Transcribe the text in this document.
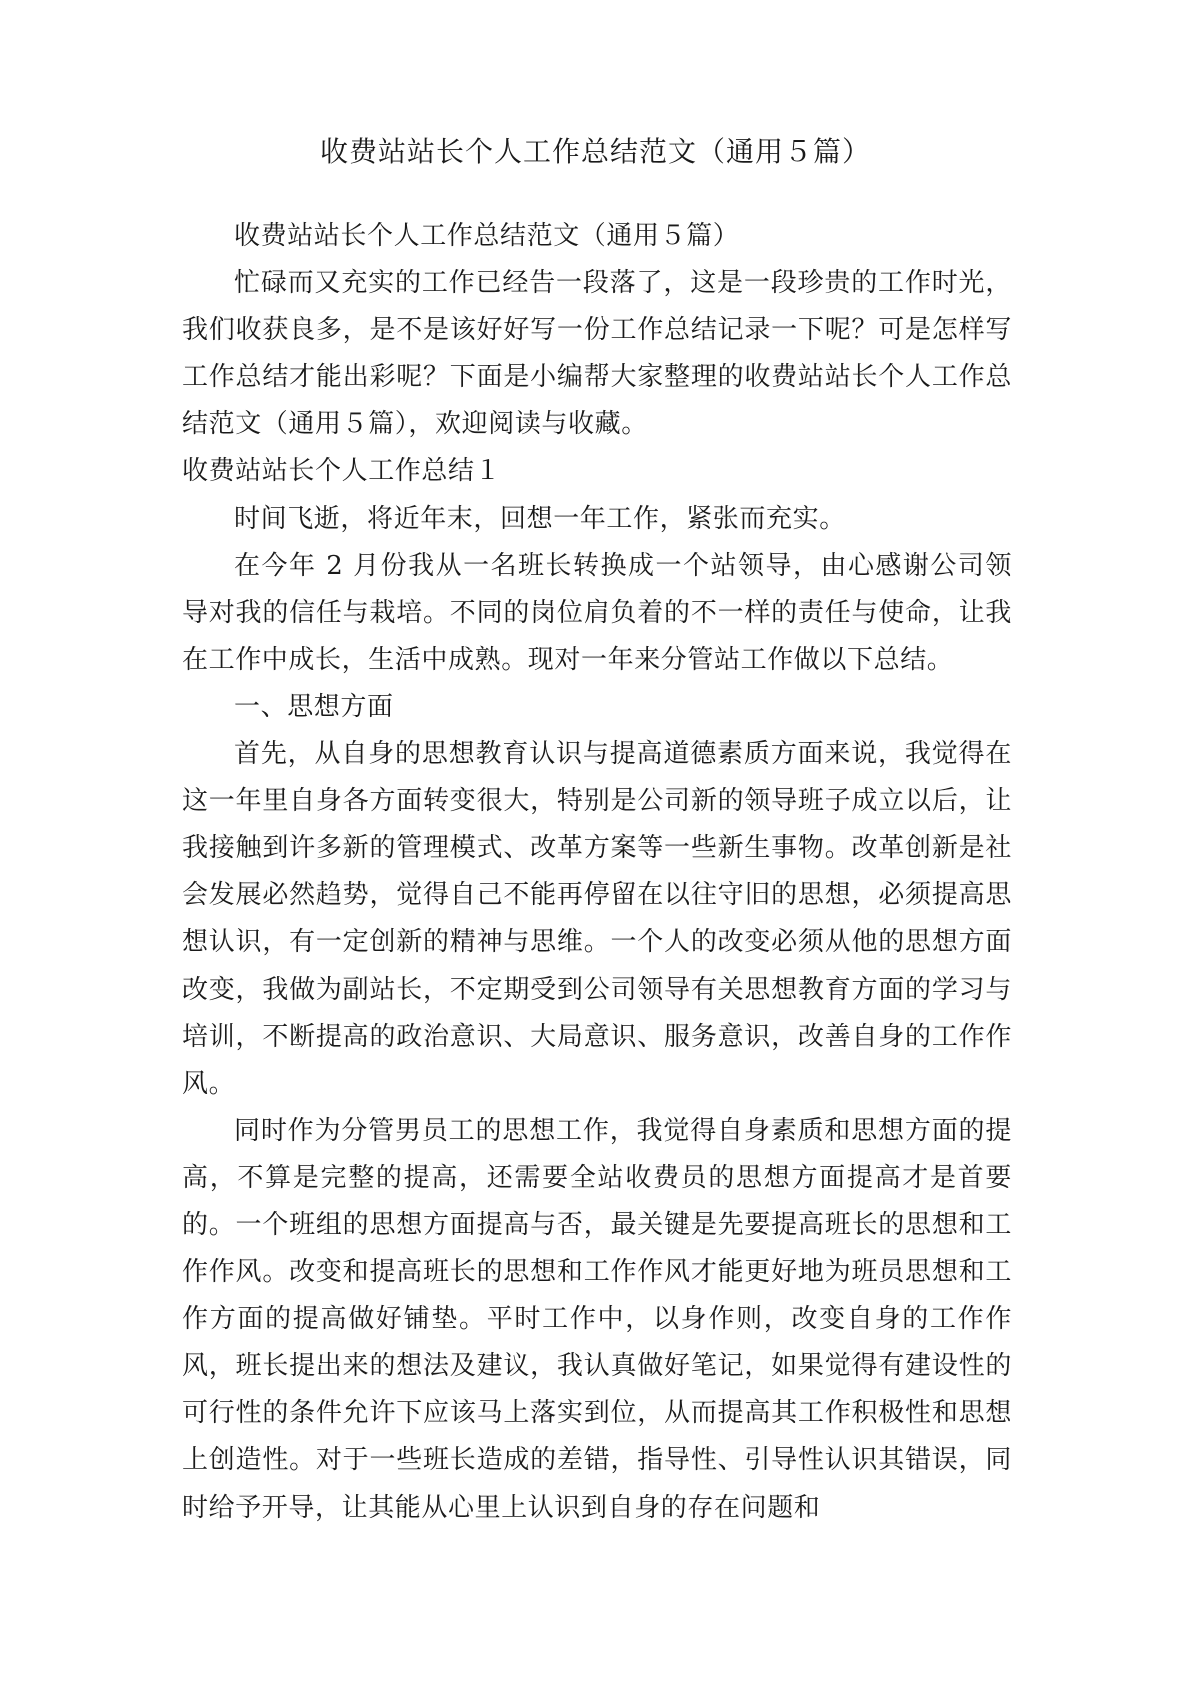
收费站站长个人工作总结范文（通用５篇）

收费站站长个人工作总结范文（通用５篇）

忙碌而又充实的工作已经告一段落了，这是一段珍贵的工作时光，我们收获良多，是不是该好好写一份工作总结记录一下呢？可是怎样写工作总结才能出彩呢？下面是小编帮大家整理的收费站站长个人工作总结范文（通用５篇），欢迎阅读与收藏。

收费站站长个人工作总结１

时间飞逝，将近年末，回想一年工作，紧张而充实。

在今年 2 月份我从一名班长转换成一个站领导，由心感谢公司领导对我的信任与栽培。不同的岗位肩负着的不一样的责任与使命，让我在工作中成长，生活中成熟。现对一年来分管站工作做以下总结。

一、思想方面

首先，从自身的思想教育认识与提高道德素质方面来说，我觉得在这一年里自身各方面转变很大，特别是公司新的领导班子成立以后，让我接触到许多新的管理模式、改革方案等一些新生事物。改革创新是社会发展必然趋势，觉得自己不能再停留在以往守旧的思想，必须提高思想认识，有一定创新的精神与思维。一个人的改变必须从他的思想方面改变，我做为副站长，不定期受到公司领导有关思想教育方面的学习与培训，不断提高的政治意识、大局意识、服务意识，改善自身的工作作风。

同时作为分管男员工的思想工作，我觉得自身素质和思想方面的提高，不算是完整的提高，还需要全站收费员的思想方面提高才是首要的。一个班组的思想方面提高与否，最关键是先要提高班长的思想和工作作风。改变和提高班长的思想和工作作风才能更好地为班员思想和工作方面的提高做好铺垫。平时工作中，以身作则，改变自身的工作作风，班长提出来的想法及建议，我认真做好笔记，如果觉得有建设性的可行性的条件允许下应该马上落实到位，从而提高其工作积极性和思想上创造性。对于一些班长造成的差错，指导性、引导性认识其错误，同时给予开导，让其能从心里上认识到自身的存在问题和
